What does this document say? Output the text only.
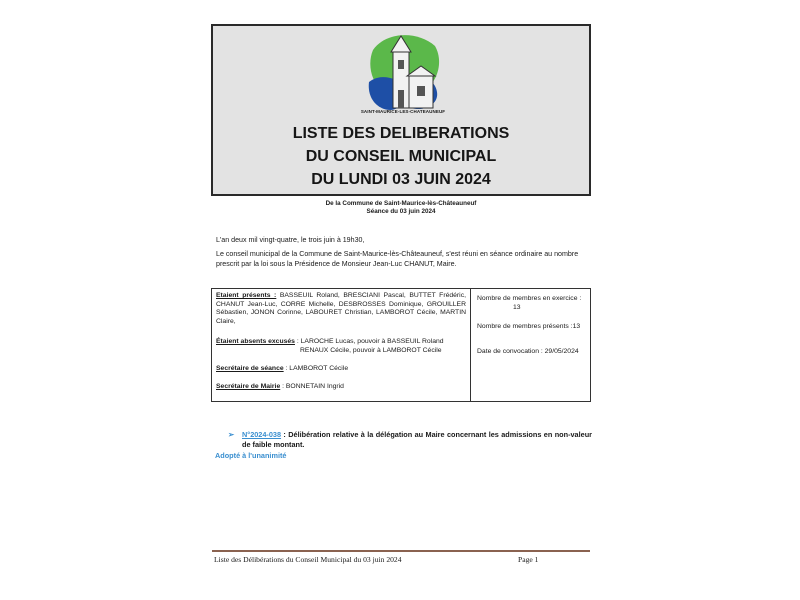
SAINT-MAURICE-LES-CHATEAUNEUF
LISTE DES DELIBERATIONS
DU CONSEIL MUNICIPAL
DU LUNDI 03 JUIN 2024
De la Commune de Saint-Maurice-lès-Châteauneuf
Séance du 03 juin 2024
L'an deux mil vingt-quatre, le trois juin à 19h30,
Le conseil municipal de la Commune de Saint-Maurice-lès-Châteauneuf, s'est réuni en séance ordinaire au nombre prescrit par la loi sous la Présidence de Monsieur Jean-Luc CHANUT, Maire.
Etaient présents : BASSEUIL Roland, BRESCIANI Pascal, BUTTET Frédéric, CHANUT Jean-Luc, CORRE Michelle, DESBROSSES Dominique, GROUILLER Sébastien, JONON Corinne, LABOURET Christian, LAMBOROT Cécile, MARTIN Claire,
Étaient absents excusés : LAROCHE Lucas, pouvoir à BASSEUIL Roland
RENAUX Cécile, pouvoir à LAMBOROT Cécile
Secrétaire de séance : LAMBOROT Cécile
Secrétaire de Mairie : BONNETAIN Ingrid
Nombre de membres en exercice :
13
Nombre de membres présents :13
Date de convocation : 29/05/2024
➢	N°2024-038 : Délibération relative à la délégation au Maire concernant les admissions en non-valeur de faible montant.
Adopté à l'unanimité
Liste des Délibérations du Conseil Municipal du 03 juin 2024	Page 1
